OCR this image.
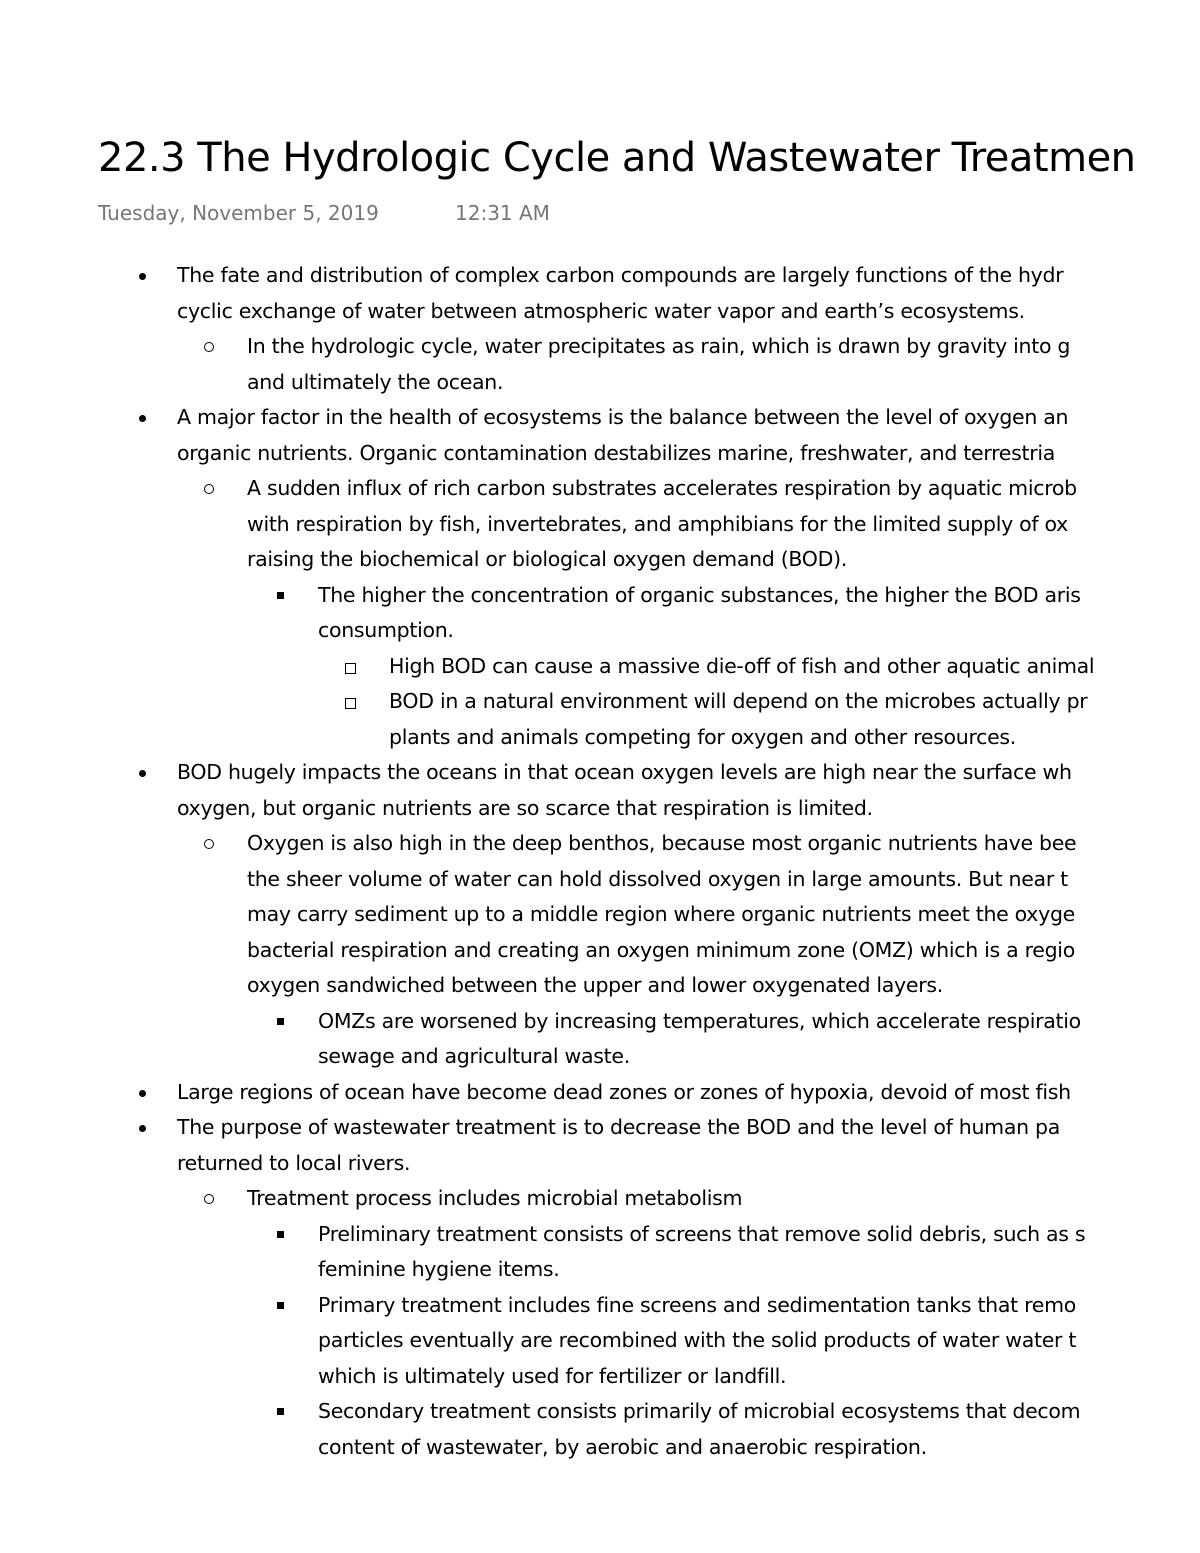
22.3 The Hydrologic Cycle and Wastewater Treatmen
Tuesday, November 5, 2019	12:31 AM
The fate and distribution of complex carbon compounds are largely functions of the hydr
cyclic exchange of water between atmospheric water vapor and earth’s ecosystems.
In the hydrologic cycle, water precipitates as rain, which is drawn by gravity into g
and ultimately the ocean.
A major factor in the health of ecosystems is the balance between the level of oxygen an
organic nutrients. Organic contamination destabilizes marine, freshwater, and terrestria
A sudden influx of rich carbon substrates accelerates respiration by aquatic microb
with respiration by fish, invertebrates, and amphibians for the limited supply of ox
raising the biochemical or biological oxygen demand (BOD).
The higher the concentration of organic substances, the higher the BOD aris
consumption.
High BOD can cause a massive die-off of fish and other aquatic animal
BOD in a natural environment will depend on the microbes actually pr
plants and animals competing for oxygen and other resources.
BOD hugely impacts the oceans in that ocean oxygen levels are high near the surface wh
oxygen, but organic nutrients are so scarce that respiration is limited.
Oxygen is also high in the deep benthos, because most organic nutrients have bee
the sheer volume of water can hold dissolved oxygen in large amounts. But near t
may carry sediment up to a middle region where organic nutrients meet the oxyge
bacterial respiration and creating an oxygen minimum zone (OMZ) which is a regio
oxygen sandwiched between the upper and lower oxygenated layers.
OMZs are worsened by increasing temperatures, which accelerate respiratio
sewage and agricultural waste.
Large regions of ocean have become dead zones or zones of hypoxia, devoid of most fish
The purpose of wastewater treatment is to decrease the BOD and the level of human pa
returned to local rivers.
Treatment process includes microbial metabolism
Preliminary treatment consists of screens that remove solid debris, such as s
feminine hygiene items.
Primary treatment includes fine screens and sedimentation tanks that remo
particles eventually are recombined with the solid products of water water t
which is ultimately used for fertilizer or landfill.
Secondary treatment consists primarily of microbial ecosystems that decom
content of wastewater, by aerobic and anaerobic respiration.
